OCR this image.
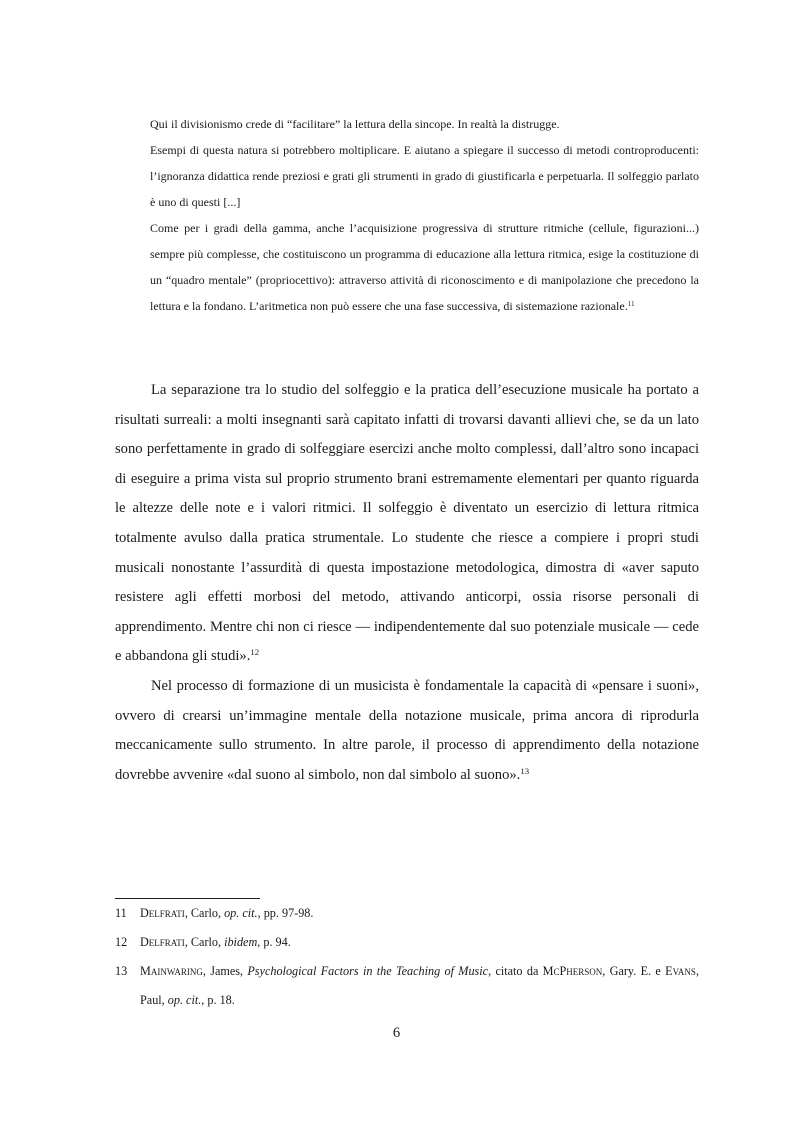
Qui il divisionismo crede di “facilitare” la lettura della sincope. In realtà la distrugge.

Esempi di questa natura si potrebbero moltiplicare. E aiutano a spiegare il successo di metodi controproducenti: l’ignoranza didattica rende preziosi e grati gli strumenti in grado di giustificarla e perpetuarla. Il solfeggio parlato è uno di questi [...]

Come per i gradi della gamma, anche l’acquisizione progressiva di strutture ritmiche (cellule, figurazioni...) sempre più complesse, che costituiscono un programma di educazione alla lettura ritmica, esige la costituzione di un “quadro mentale” (propriocettivo): attraverso attività di riconoscimento e di manipolazione che precedono la lettura e la fondano. L’aritmetica non può essere che una fase successiva, di sistemazione razionale.$^{11}$

La separazione tra lo studio del solfeggio e la pratica dell’esecuzione musicale ha portato a risultati surreali: a molti insegnanti sarà capitato infatti di trovarsi davanti allievi che, se da un lato sono perfettamente in grado di solfeggiare esercizi anche molto complessi, dall’altro sono incapaci di eseguire a prima vista sul proprio strumento brani estremamente elementari per quanto riguarda le altezze delle note e i valori ritmici. Il solfeggio è diventato un esercizio di lettura ritmica totalmente avulso dalla pratica strumentale. Lo studente che riesce a compiere i propri studi musicali nonostante l’assurdità di questa impostazione metodologica, dimostra di «aver saputo resistere agli effetti morbosi del metodo, attivando anticorpi, ossia risorse personali di apprendimento. Mentre chi non ci riesce — indipendentemente dal suo potenziale musicale — cede e abbandona gli studi».$^{12}$

Nel processo di formazione di un musicista è fondamentale la capacità di «pensare i suoni», ovvero di crearsi un’immagine mentale della notazione musicale, prima ancora di riprodurla meccanicamente sullo strumento. In altre parole, il processo di apprendimento della notazione dovrebbe avvenire «dal suono al simbolo, non dal simbolo al suono».$^{13}$

11	Delfrati, Carlo, op. cit., pp. 97-98.
12	Delfrati, Carlo, ibidem, p. 94.
13	Mainwaring, James, Psychological Factors in the Teaching of Music, citato da McPherson, Gary. E. e Evans, Paul, op. cit., p. 18.
6
